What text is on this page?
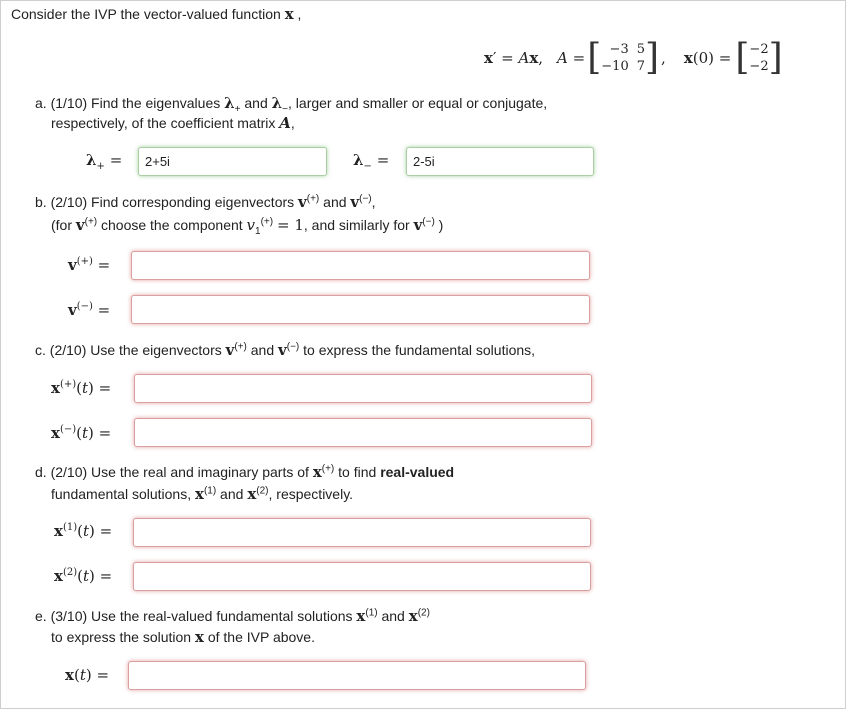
Consider the IVP the vector-valued function x ,
x′ = Ax, A = [ −3 5
−10 7 ] , x(0) = [ −2
−2 ]
a. (1/10) Find the eigenvalues $\lambda_+$ and $\lambda_-$, larger and smaller or equal or conjugate,
respectively, of the coefficient matrix A,
$\lambda_+$ =
2+5i	$\lambda_-$ =
2-5i
b. (2/10) Find corresponding eigenvectors v(+) and v(−),
(for v(+) choose the component $v_1^{(+)} = 1$, and similarly for v(−) )
v(+) =
v(−) =
c. (2/10) Use the eigenvectors v(+) and v(−) to express the fundamental solutions,
x(+)(t) =
x(−)(t) =
d. (2/10) Use the real and imaginary parts of x(+) to find real-valued
fundamental solutions, $x^{(1)}$ and $x^{(2)}$, respectively.
$x^{(1)}(t)$ =
$x^{(2)}(t)$ =
e. (3/10) Use the real-valued fundamental solutions $x^{(1)}$ and $x^{(2)}$
to express the solution x of the IVP above.
x(t) =
